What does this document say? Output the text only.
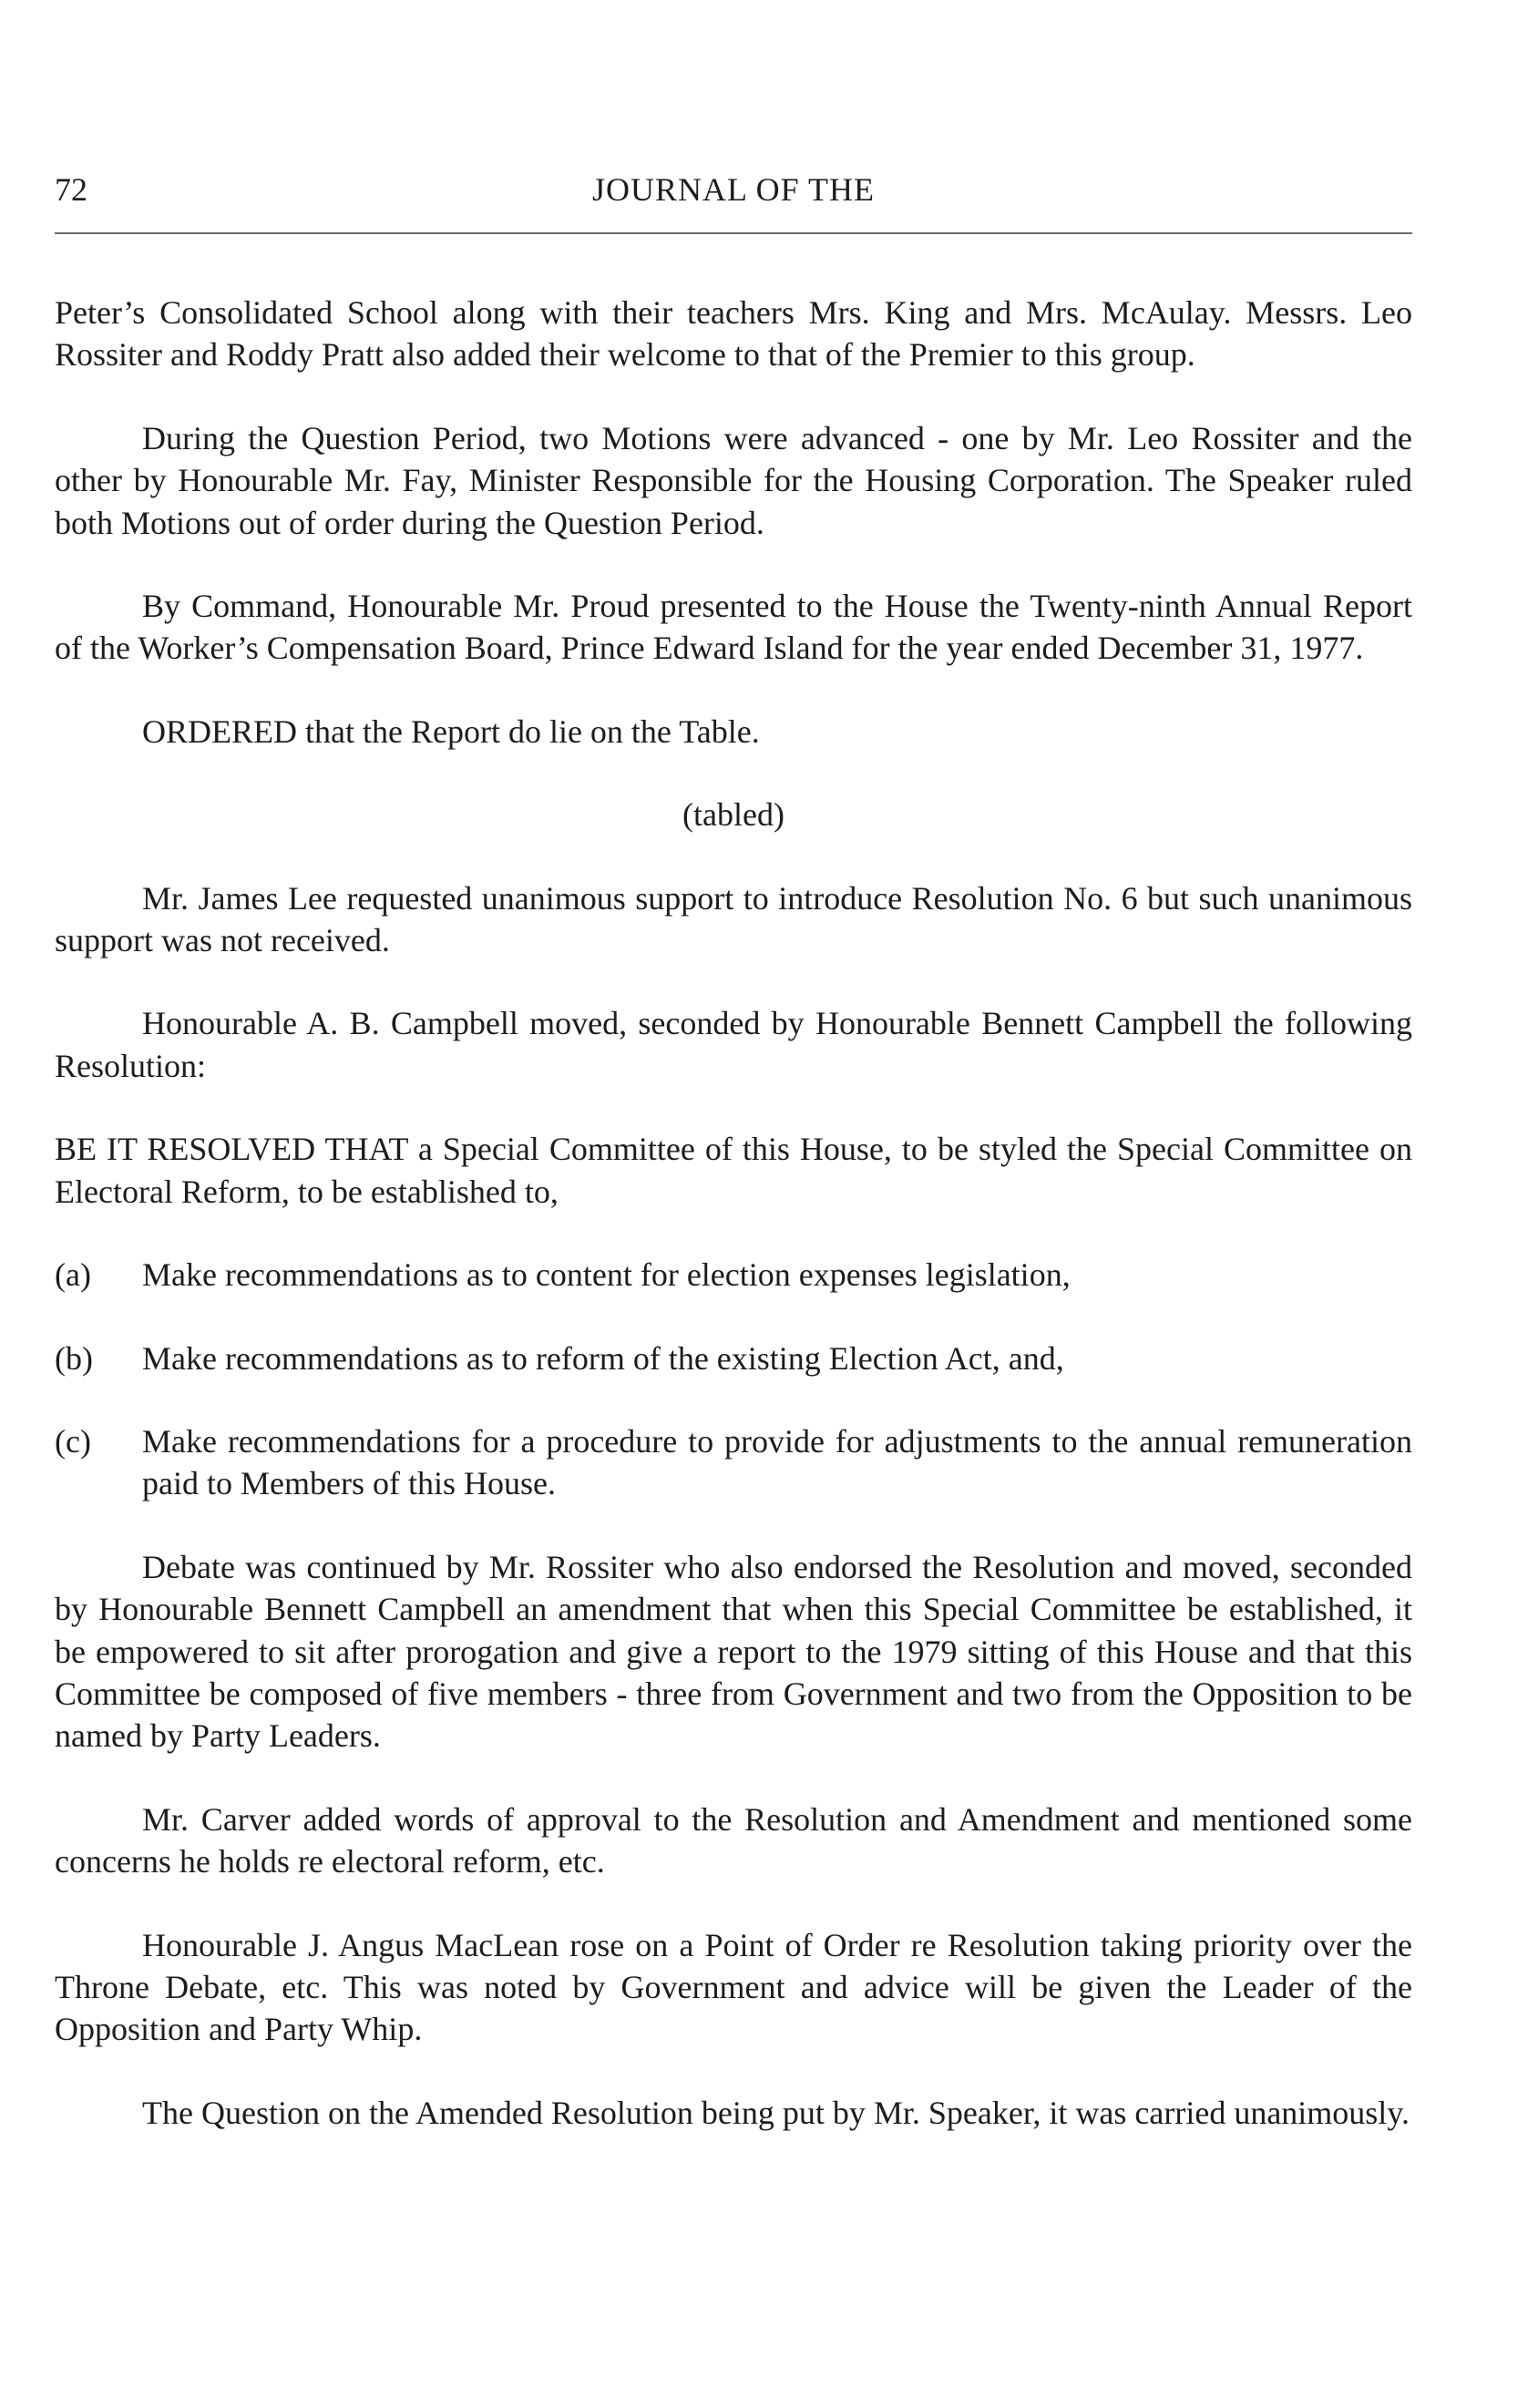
72	JOURNAL OF THE

Peter’s Consolidated School along with their teachers Mrs. King and Mrs. McAulay. Messrs. Leo Rossiter and Roddy Pratt also added their welcome to that of the Premier to this group.

During the Question Period, two Motions were advanced - one by Mr. Leo Rossiter and the other by Honourable Mr. Fay, Minister Responsible for the Housing Corporation. The Speaker ruled both Motions out of order during the Question Period.

By Command, Honourable Mr. Proud presented to the House the Twenty-ninth Annual Report of the Worker’s Compensation Board, Prince Edward Island for the year ended December 31, 1977.

ORDERED that the Report do lie on the Table.

(tabled)

Mr. James Lee requested unanimous support to introduce Resolution No. 6 but such unanimous support was not received.

Honourable A. B. Campbell moved, seconded by Honourable Bennett Campbell the following Resolution:

BE IT RESOLVED THAT a Special Committee of this House, to be styled the Special Committee on Electoral Reform, to be established to,

(a) Make recommendations as to content for election expenses legislation,

(b) Make recommendations as to reform of the existing Election Act, and,

(c) Make recommendations for a procedure to provide for adjustments to the annual remuneration paid to Members of this House.

Debate was continued by Mr. Rossiter who also endorsed the Resolution and moved, seconded by Honourable Bennett Campbell an amendment that when this Special Committee be established, it be empowered to sit after prorogation and give a report to the 1979 sitting of this House and that this Committee be composed of five members - three from Government and two from the Opposition to be named by Party Leaders.

Mr. Carver added words of approval to the Resolution and Amendment and mentioned some concerns he holds re electoral reform, etc.

Honourable J. Angus MacLean rose on a Point of Order re Resolution taking priority over the Throne Debate, etc. This was noted by Government and advice will be given the Leader of the Opposition and Party Whip.

The Question on the Amended Resolution being put by Mr. Speaker, it was carried unanimously.
